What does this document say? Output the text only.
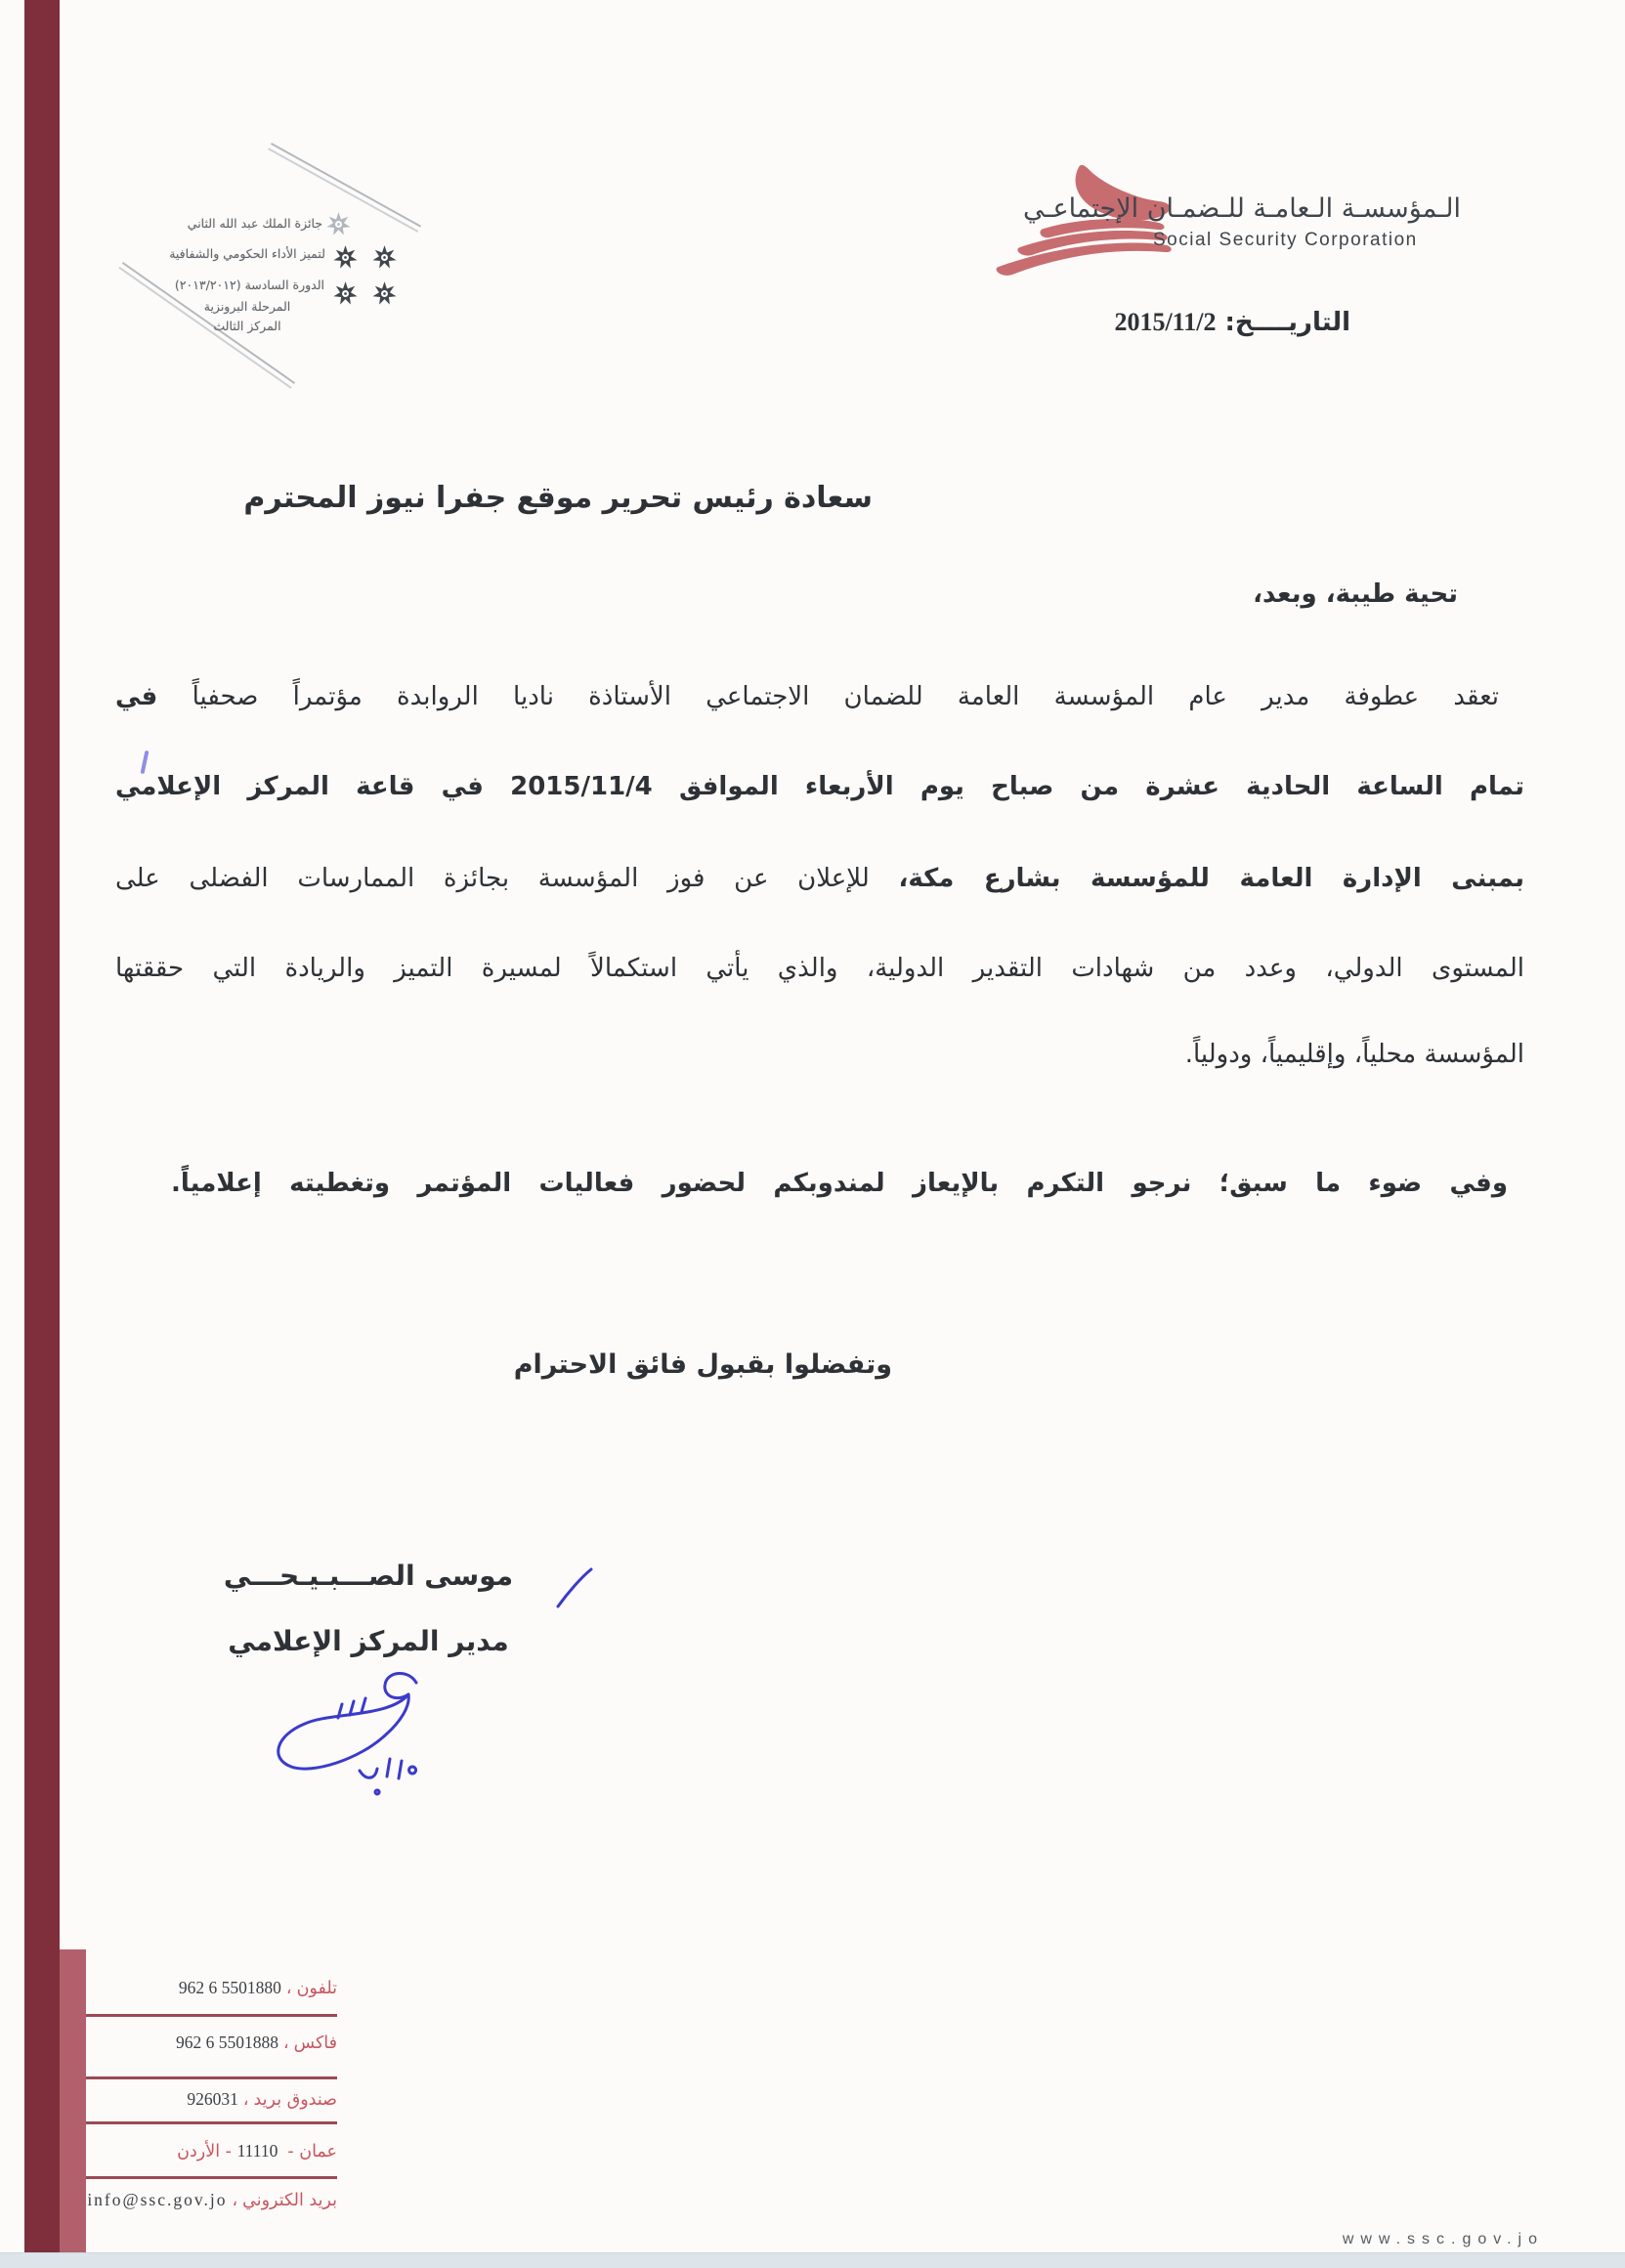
جائزة الملك عبد الله الثاني
لتميز الأداء الحكومي والشفافية
الدورة السادسة (٢٠١٣/٢٠١٢)
المرحلة البرونزية
المركز الثالث
الـمؤسسـة الـعامـة للـضمـان الإجتماعـي
Social Security Corporation
التاريــــخ: 2015/11/2
سعادة رئيس تحرير موقع جفرا نيوز المحترم
تحية طيبة، وبعد،
تعقد عطوفة مدير عام المؤسسة العامة للضمان الاجتماعي الأستاذة ناديا الروابدة مؤتمراً صحفياً في
تمام الساعة الحادية عشرة من صباح يوم الأربعاء الموافق 2015/11/4 في قاعة المركز الإعلامي
بمبنى الإدارة العامة للمؤسسة بشارع مكة، للإعلان عن فوز المؤسسة بجائزة الممارسات الفضلى على
المستوى الدولي، وعدد من شهادات التقدير الدولية، والذي يأتي استكمالاً لمسيرة التميز والريادة التي حققتها
المؤسسة محلياً، وإقليمياً، ودولياً.
وفي ضوء ما سبق؛ نرجو التكرم بالإيعاز لمندوبكم لحضور فعاليات المؤتمر وتغطيته إعلامياً.
وتفضلوا بقبول فائق الاحترام
موسى الصـــبـيـحـــي
مدير المركز الإعلامي
تلفون،962 6 5501880
فاكس،962 6 5501888
صندوق بريد،926031
عمان -11110 - الأردن
بريد الكتروني،info@ssc.gov.jo
www.ssc.gov.jo
